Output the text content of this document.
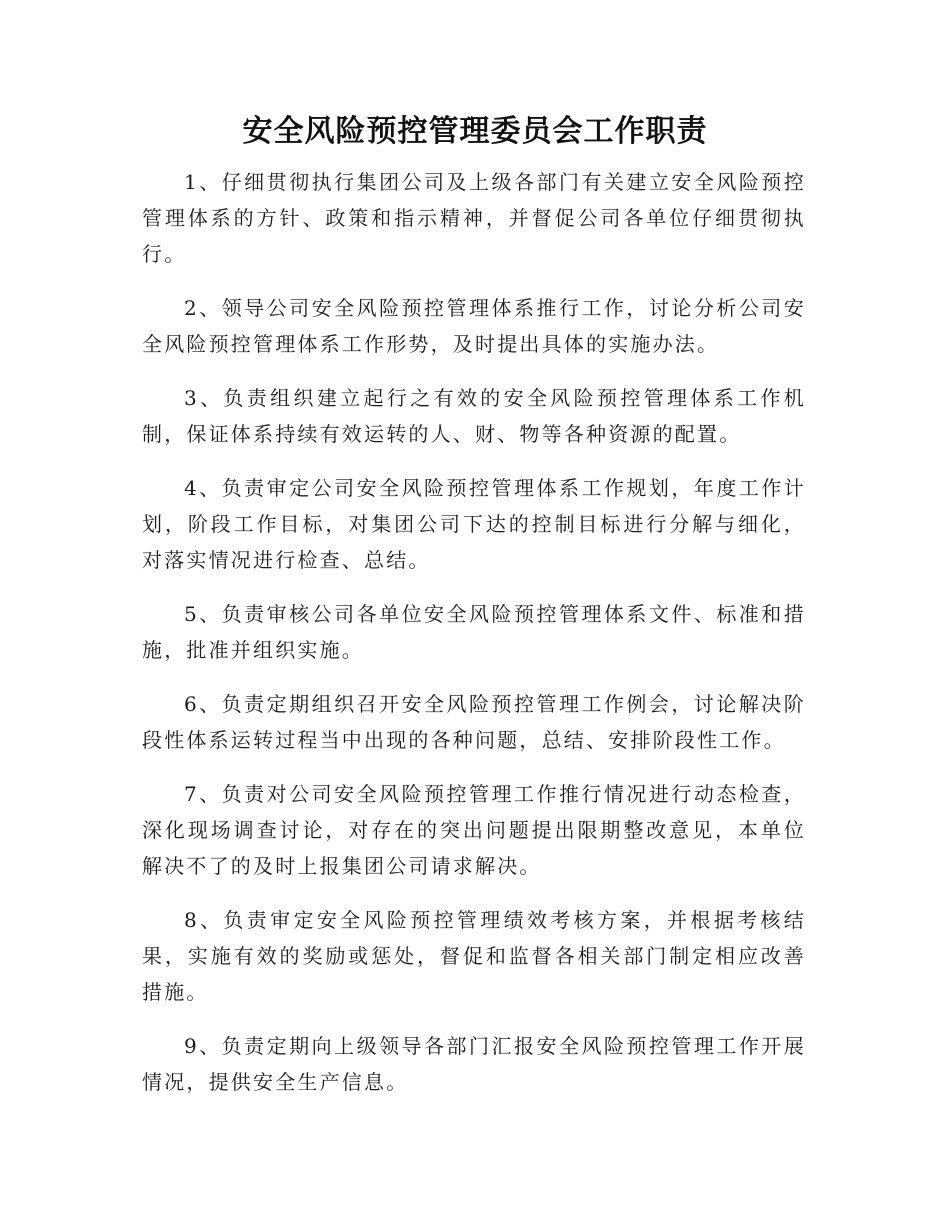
安全风险预控管理委员会工作职责

1、仔细贯彻执行集团公司及上级各部门有关建立安全风险预控管理体系的方针、政策和指示精神，并督促公司各单位仔细贯彻执行。

2、领导公司安全风险预控管理体系推行工作，讨论分析公司安全风险预控管理体系工作形势，及时提出具体的实施办法。

3、负责组织建立起行之有效的安全风险预控管理体系工作机制，保证体系持续有效运转的人、财、物等各种资源的配置。

4、负责审定公司安全风险预控管理体系工作规划，年度工作计划，阶段工作目标，对集团公司下达的控制目标进行分解与细化，对落实情况进行检查、总结。

5、负责审核公司各单位安全风险预控管理体系文件、标准和措施，批准并组织实施。

6、负责定期组织召开安全风险预控管理工作例会，讨论解决阶段性体系运转过程当中出现的各种问题，总结、安排阶段性工作。

7、负责对公司安全风险预控管理工作推行情况进行动态检查，深化现场调查讨论，对存在的突出问题提出限期整改意见，本单位解决不了的及时上报集团公司请求解决。

8、负责审定安全风险预控管理绩效考核方案，并根据考核结果，实施有效的奖励或惩处，督促和监督各相关部门制定相应改善措施。

9、负责定期向上级领导各部门汇报安全风险预控管理工作开展情况，提供安全生产信息。
